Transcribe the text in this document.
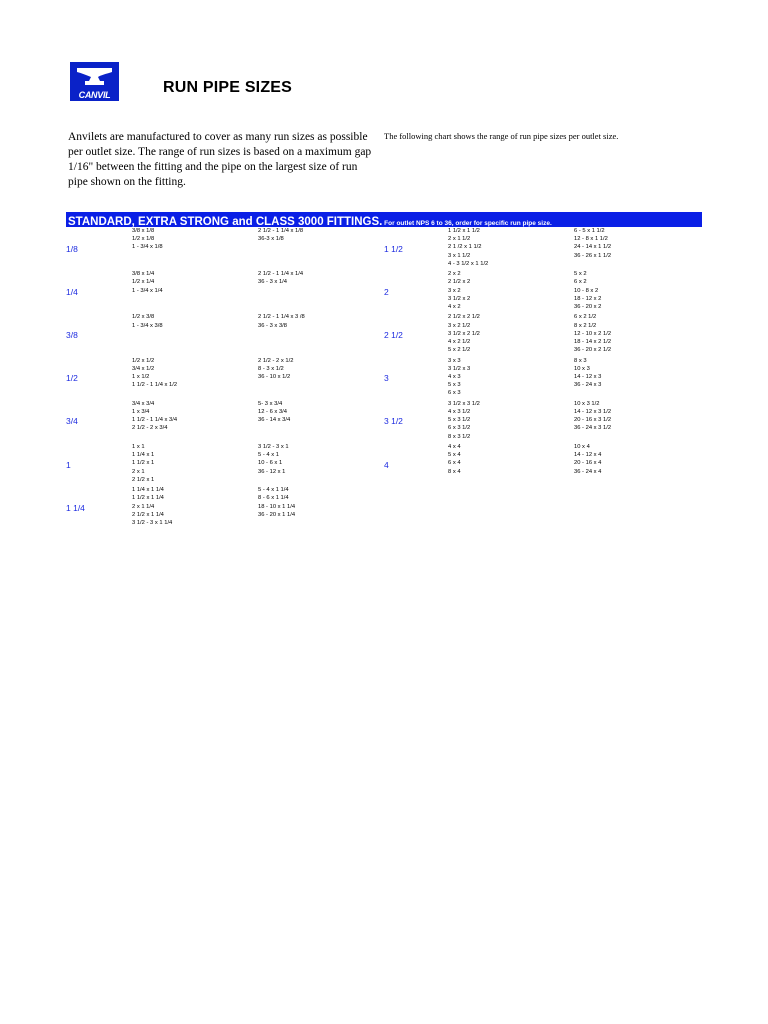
CANVIL	RUN PIPE SIZES
Anvilets are manufactured to cover as many run sizes as possible per outlet size. The range of run sizes is based on a maximum gap 1/16" between the fitting and the pipe on the largest size of run pipe shown on the fitting.
The following chart shows the range of run pipe sizes per outlet size.
STANDARD, EXTRA STRONG and CLASS 3000 FITTINGS. For outlet NPS 6 to 36, order for specific run pipe size.
1/8
3/8 x 1/8
1/2 x 1/8
1 - 3/4 x 1/8
2 1/2 - 1 1/4 x 1/8
36-3 x 1/8
1/4
3/8 x 1/4
1/2 x 1/4
1 - 3/4 x 1/4
2 1/2 - 1 1/4 x 1/4
36 - 3 x 1/4
3/8
1/2 x 3/8
1 - 3/4 x 3/8
2 1/2 - 1 1/4 x 3 /8
36 - 3 x 3/8
1/2
1/2 x 1/2
3/4 x 1/2
1 x 1/2
1 1/2 - 1 1/4 x 1/2
2 1/2 - 2 x 1/2
8 - 3 x 1/2
36 - 10 x 1/2
3/4
3/4 x 3/4
1 x 3/4
1 1/2 - 1 1/4 x 3/4
2 1/2 - 2 x 3/4
5- 3 x 3/4
12 - 6 x 3/4
36 - 14 x 3/4
1
1 x 1
1 1/4 x 1
1 1/2 x 1
2 x 1
2 1/2 x 1
3 1/2 - 3 x 1
5 - 4 x 1
10 - 6 x 1
36 - 12 x 1
1 1/4
1 1/4 x 1 1/4
1 1/2 x 1 1/4
2 x 1 1/4
2 1/2 x 1 1/4
3 1/2 - 3 x 1 1/4
5 - 4 x 1 1/4
8 - 6 x 1 1/4
18 - 10 x 1 1/4
36 - 20 x 1 1/4
1 1/2
1 1/2 x 1 1/2
2 x 1 1/2
2 1 /2 x 1 1/2
3 x 1 1/2
4 - 3 1/2 x 1 1/2
6 - 5 x 1 1/2
12 - 8 x 1 1/2
24 - 14 x 1 1/2
36 - 26 x 1 1/2
2
2 x 2
2 1/2 x 2
3 x 2
3 1/2 x 2
4 x 2
5 x 2
6 x 2
10 - 8 x 2
18 - 12 x 2
36 - 20 x 2
2 1/2
2 1/2 x 2 1/2
3 x 2 1/2
3 1/2 x 2 1/2
4 x 2 1/2
5 x 2 1/2
6 x 2 1/2
8 x 2 1/2
12 - 10 x 2 1/2
18 - 14 x 2 1/2
36 - 20 x 2 1/2
3
3 x 3
3 1/2 x 3
4 x 3
5 x 3
6 x 3
8 x 3
10 x 3
14 - 12 x 3
36 - 24 x 3
3 1/2
3 1/2 x 3 1/2
4 x 3 1/2
5 x 3 1/2
6 x 3 1/2
8 x 3 1/2
10 x 3 1/2
14 - 12 x 3 1/2
20 - 16 x 3 1/2
36 - 24 x 3 1/2
4
4 x 4
5 x 4
6 x 4
8 x 4
10 x 4
14 - 12 x 4
20 - 16 x 4
36 - 24 x 4
